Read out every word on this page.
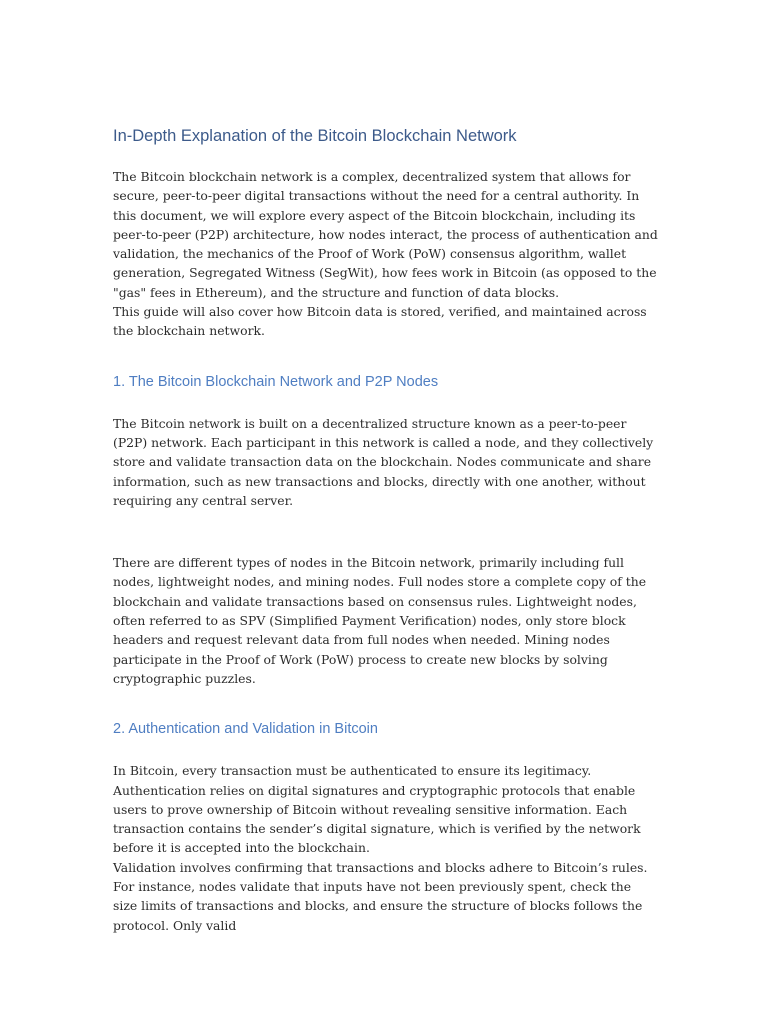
In-Depth Explanation of the Bitcoin Blockchain Network

The Bitcoin blockchain network is a complex, decentralized system that allows for secure, peer-to-peer digital transactions without the need for a central authority. In this document, we will explore every aspect of the Bitcoin blockchain, including its peer-to-peer (P2P) architecture, how nodes interact, the process of authentication and validation, the mechanics of the Proof of Work (PoW) consensus algorithm, wallet generation, Segregated Witness (SegWit), how fees work in Bitcoin (as opposed to the "gas" fees in Ethereum), and the structure and function of data blocks.

This guide will also cover how Bitcoin data is stored, verified, and maintained across the blockchain network.

1. The Bitcoin Blockchain Network and P2P Nodes

The Bitcoin network is built on a decentralized structure known as a peer-to-peer (P2P) network. Each participant in this network is called a node, and they collectively store and validate transaction data on the blockchain. Nodes communicate and share information, such as new transactions and blocks, directly with one another, without requiring any central server.

There are different types of nodes in the Bitcoin network, primarily including full nodes, lightweight nodes, and mining nodes. Full nodes store a complete copy of the blockchain and validate transactions based on consensus rules. Lightweight nodes, often referred to as SPV (Simplified Payment Verification) nodes, only store block headers and request relevant data from full nodes when needed. Mining nodes participate in the Proof of Work (PoW) process to create new blocks by solving cryptographic puzzles.

2. Authentication and Validation in Bitcoin

In Bitcoin, every transaction must be authenticated to ensure its legitimacy. Authentication relies on digital signatures and cryptographic protocols that enable users to prove ownership of Bitcoin without revealing sensitive information. Each transaction contains the sender’s digital signature, which is verified by the network before it is accepted into the blockchain.

Validation involves confirming that transactions and blocks adhere to Bitcoin’s rules. For instance, nodes validate that inputs have not been previously spent, check the size limits of transactions and blocks, and ensure the structure of blocks follows the protocol. Only valid
